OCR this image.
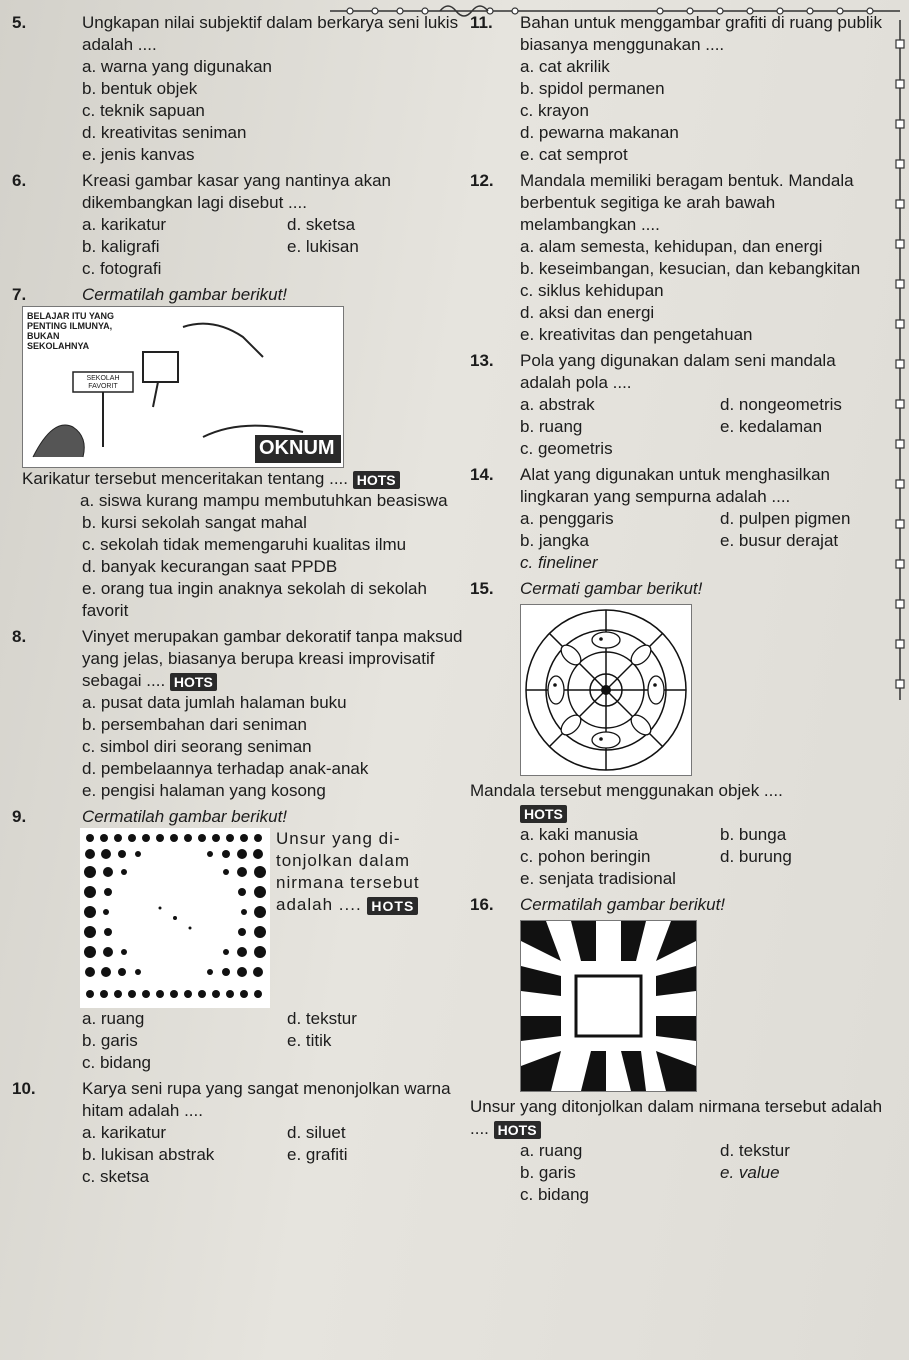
5.	Ungkapan nilai subjektif dalam berkarya seni lukis adalah ....
a. warna yang digunakan
b. bentuk objek
c. teknik sapuan
d. kreativitas seniman
e. jenis kanvas
6.	Kreasi gambar kasar yang nantinya akan dikembangkan lagi disebut ....
a. karikatur	d. sketsa
b. kaligrafi	e. lukisan
c. fotografi
7.	Cermatilah gambar berikut!
BELAJAR ITU YANG PENTING ILMUNYA, BUKAN SEKOLAHNYA
SEKOLAH FAVORIT
OKNUM
Karikatur tersebut menceritakan tentang .... HOTS
a. siswa kurang mampu membutuhkan beasiswa
b. kursi sekolah sangat mahal
c. sekolah tidak memengaruhi kualitas ilmu
d. banyak kecurangan saat PPDB
e. orang tua ingin anaknya sekolah di sekolah favorit
8.	Vinyet merupakan gambar dekoratif tanpa maksud yang jelas, biasanya berupa kreasi improvisatif sebagai .... HOTS
a. pusat data jumlah halaman buku
b. persembahan dari seniman
c. simbol diri seorang seniman
d. pembelaannya terhadap anak-anak
e. pengisi halaman yang kosong
9.	Cermatilah gambar berikut!
Unsur yang di-tonjolkan dalam nirmana tersebut adalah .... HOTS
a. ruang	d. tekstur
b. garis	e. titik
c. bidang
10.	Karya seni rupa yang sangat menonjolkan warna hitam adalah ....
a. karikatur	d. siluet
b. lukisan abstrak	e. grafiti
c. sketsa
11.	Bahan untuk menggambar grafiti di ruang publik biasanya menggunakan ....
a. cat akrilik
b. spidol permanen
c. krayon
d. pewarna makanan
e. cat semprot
12.	Mandala memiliki beragam bentuk. Mandala berbentuk segitiga ke arah bawah melambangkan ....
a. alam semesta, kehidupan, dan energi
b. keseimbangan, kesucian, dan kebangkitan
c. siklus kehidupan
d. aksi dan energi
e. kreativitas dan pengetahuan
13.	Pola yang digunakan dalam seni mandala adalah pola ....
a. abstrak	d. nongeometris
b. ruang	e. kedalaman
c. geometris
14.	Alat yang digunakan untuk menghasilkan lingkaran yang sempurna adalah ....
a. penggaris	d. pulpen pigmen
b. jangka	e. busur derajat
c. fineliner
15.	Cermati gambar berikut!
Mandala tersebut menggunakan objek ....
HOTS
a. kaki manusia	b. bunga
c. pohon beringin	d. burung
e. senjata tradisional
16.	Cermatilah gambar berikut!
Unsur yang ditonjolkan dalam nirmana tersebut adalah .... HOTS
a. ruang	d. tekstur
b. garis	e. value
c. bidang
